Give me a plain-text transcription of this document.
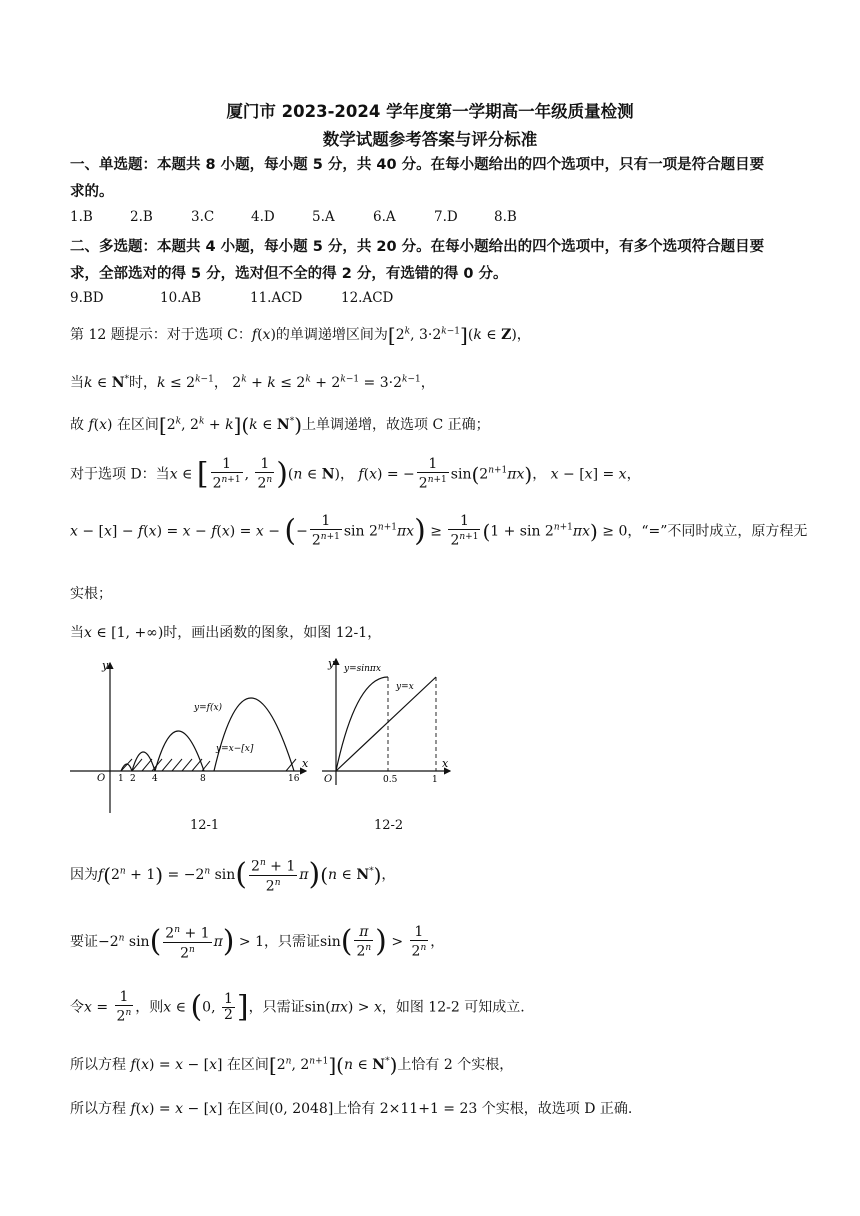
厦门市 2023-2024 学年度第一学期高一年级质量检测
数学试题参考答案与评分标准
一、单选题：本题共 8 小题，每小题 5 分，共 40 分。在每小题给出的四个选项中，只有一项是符合题目要
求的。
1.B	2.B	3.C	4.D	5.A	6.A	7.D	8.B
二、多选题：本题共 4 小题，每小题 5 分，共 20 分。在每小题给出的四个选项中，有多个选项符合题目要
求，全部选对的得 5 分，选对但不全的得 2 分，有选错的得 0 分。
9.BD	10.AB	11.ACD	12.ACD
第 12 题提示：对于选项 C：f(x)的单调递增区间为[2$^k$, $3\cdot 2^{k-1}](k$ ∈ Z)，
当k ∈ N*时，$k \le 2^{k-1}$， $2^k + k \le 2^k + 2^{k-1} = 3\cdot 2^{k-1}$，
故 f(x) 在区间[2$^k$, $2^k + k](k$ ∈ N*)上单调递增，故选项 C 正确；
对于选项 D：当x ∈ [ $\frac{1}{2^{n+1}}$ , $\frac{1}{2^n} )(n$ ∈ N)， f(x) = − $\frac{1}{2^{n+1}} \sin(2^{n+1}\pi x)$， x − [x] = x，
x − [x] − f(x) = x − f(x) = x − (− $\frac{1}{2^{n+1}}$ $\sin 2^{n+1}\pi x) \ge \frac{1}{2^{n+1}} (1 + \sin 2^{n+1}\pi x) \ge 0$，“=”不同时成立，原方程无
实根；
当x ∈ [1, +∞)时，画出函数的图象，如图 12-1，
y
x
O 1 2 4	8	16
y=f(x)
y=x−[x]
12-1
y
x
O	0.5	1
y=sinπx
y=x
12-2
因为$f(2^n + 1) = -2^n$ $\sin( \frac{2^n + 1}{2^n} \pi)(n$ ∈ N*)，
要证$-2^n$ $\sin( \frac{2^n + 1}{2^n} \pi) > 1$，只需证$\sin( \frac{\pi}{2^n}$ ) > $\frac{1}{2^n}$ ，
令$x = \frac{1}{2^n}$ ，则x ∈ (0, $\frac{1}{2}$ ]，只需证sin(πx) > x，如图 12-2 可知成立.
所以方程 f(x) = x − [x] 在区间[2$^n$, $2^{n+1}](n$ ∈ N*)上恰有 2 个实根，
所以方程 f(x) = x − [x] 在区间(0, 2048]上恰有 2×11+1 = 23 个实根，故选项 D 正确.
